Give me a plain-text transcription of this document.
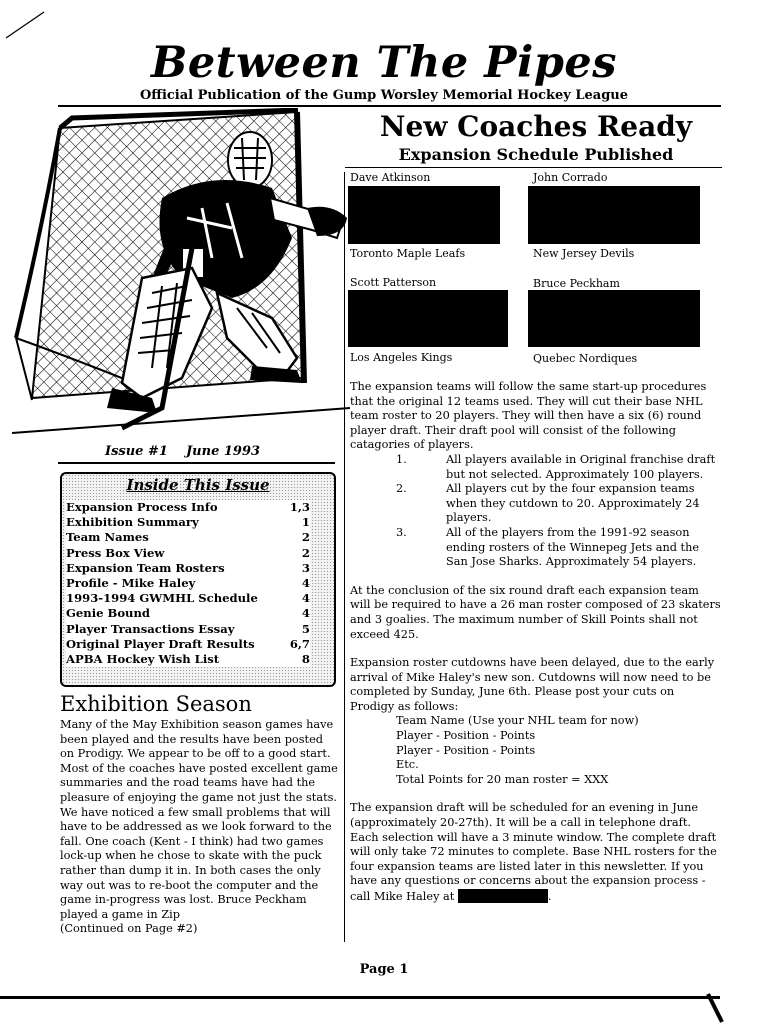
Between The Pipes
Official Publication of the Gump Worsley Memorial Hockey League
New Coaches Ready
Expansion Schedule Published
Dave Atkinson
Toronto Maple Leafs
John Corrado
New Jersey Devils
Scott Patterson
Los Angeles Kings
Bruce Peckham
Quebec Nordiques
The expansion teams will follow the same start-up procedures that the original 12 teams used. They will cut their base NHL team roster to 20 players. They will then have a six (6) round player draft. Their draft pool will consist of the following catagories of players.
1.	All players available in Original franchise draft but not selected. Approximately 100 players.
2.	All players cut by the four expansion teams when they cutdown to 20. Approximately 24 players.
3.	All of the players from the 1991-92 season ending rosters of the Winnepeg Jets and the San Jose Sharks. Approximately 54 players.
At the conclusion of the six round draft each expansion team will be required to have a 26 man roster composed of 23 skaters and 3 goalies. The maximum number of Skill Points shall not exceed 425.
Expansion roster cutdowns have been delayed, due to the early arrival of Mike Haley's new son. Cutdowns will now need to be completed by Sunday, June 6th. Please post your cuts on Prodigy as follows:
Team Name (Use your NHL team for now)
Player - Position - Points
Player - Position - Points
Etc.
Total Points for 20 man roster = XXX
The expansion draft will be scheduled for an evening in June (approximately 20-27th). It will be a call in telephone draft. Each selection will have a 3 minute window. The complete draft will only take 72 minutes to complete. Base NHL rosters for the four expansion teams are listed later in this newsletter. If you have any questions or concerns about the expansion process - call Mike Haley at	.
Issue #1 June 1993
Inside This Issue
Expansion Process Info	1,3
Exhibition Summary	1
Team Names	2
Press Box View	2
Expansion Team Rosters	3
Profile - Mike Haley	4
1993-1994 GWMHL Schedule	4
Genie Bound	4
Player Transactions Essay	5
Original Player Draft Results	6,7
APBA Hockey Wish List	8
Exhibition Season
Many of the May Exhibition season games have been played and the results have been posted on Prodigy. We appear to be off to a good start. Most of the coaches have posted excellent game summaries and the road teams have had the pleasure of enjoying the game not just the stats. We have noticed a few small problems that will have to be addressed as we look forward to the fall. One coach (Kent - I think) had two games lock-up when he chose to skate with the puck rather than dump it in. In both cases the only way out was to re-boot the computer and the game in-progress was lost. Bruce Peckham played a game in Zip
(Continued on Page #2)
Page 1
